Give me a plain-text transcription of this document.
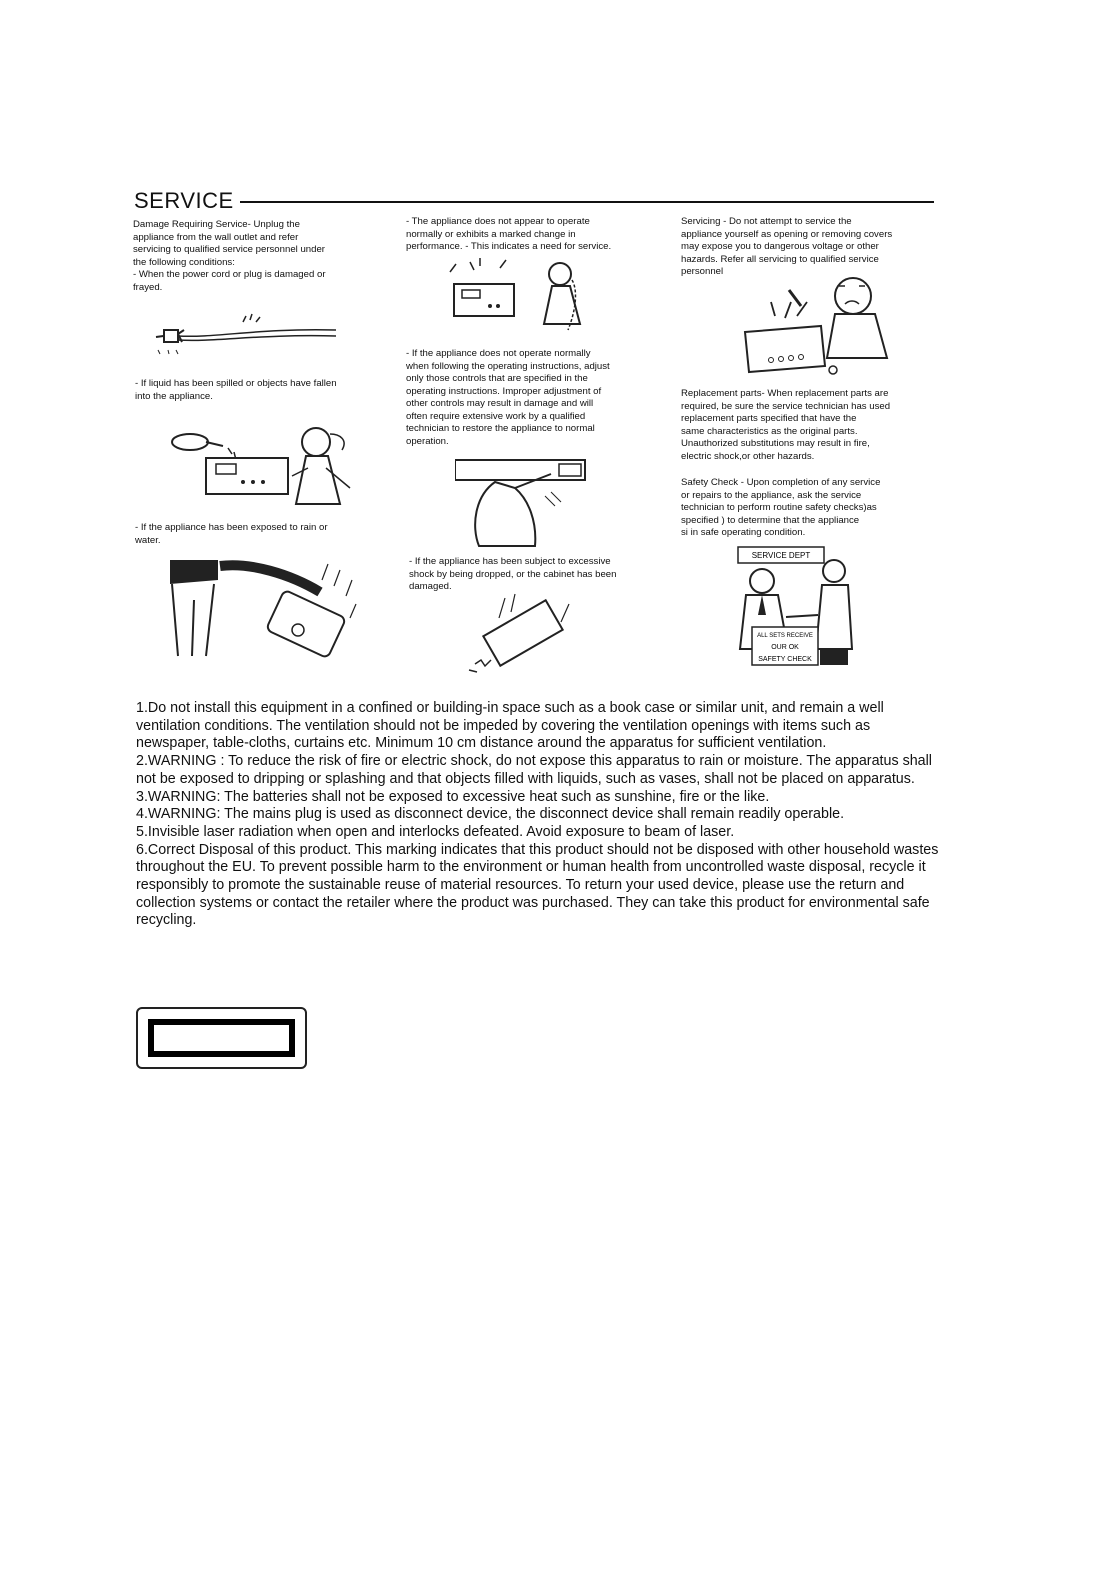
SERVICE

Damage Requiring Service- Unplug the
appliance from the wall outlet and refer
servicing to qualified service personnel under
the following conditions:
- When the power cord or plug is damaged or
frayed.

- If liquid has been spilled or objects have fallen
into the appliance.

- If the appliance has been exposed to rain or
water.

- The appliance does not appear to operate
normally or exhibits a marked change in
performance. - This indicates a need for service.

- If the appliance does not operate normally
when following the operating instructions, adjust
only those controls that are specified in the
operating instructions. Improper adjustment of
other controls may result in damage and will
often require extensive work by a qualified
technician to restore the appliance to normal
operation.

- If the appliance has been subject to excessive
shock by being dropped, or the cabinet has been
damaged.

Servicing - Do not attempt to service the
appliance yourself as opening or removing covers
may expose you to dangerous voltage or other
hazards. Refer all servicing to qualified service
personnel

Replacement parts- When replacement parts are
required, be sure the service technician has used
replacement parts specified that have the
same characteristics as the original parts.
Unauthorized substitutions may result in fire,
electric shock,or other hazards.

Safety Check - Upon completion of any service
or repairs to the appliance, ask the service
technician to perform routine safety checks)as
specified ) to determine that the appliance
si in safe operating condition.

SERVICE DEPT
ALL SETS RECEIVE
OUR OK
SAFETY CHECK

1.Do not install this equipment in a confined or building-in space such as a book case or similar unit, and remain a well ventilation conditions. The ventilation should not be impeded by covering the ventilation openings with items such as newspaper, table-cloths, curtains etc. Minimum 10 cm distance around the apparatus for sufficient ventilation.

2.WARNING : To reduce the risk of fire or electric shock, do not expose this apparatus to rain or moisture. The apparatus shall not be exposed to dripping or splashing and that objects filled with liquids, such as vases, shall not be placed on apparatus.

3.WARNING: The batteries shall not be exposed to excessive heat such as sunshine, fire or the like.

4.WARNING: The mains plug is used as disconnect device, the disconnect device shall remain readily operable.

5.Invisible laser radiation when open and interlocks defeated. Avoid exposure to beam of laser.

6.Correct Disposal of this product. This marking indicates that this product should not be disposed with other household wastes throughout the EU. To prevent possible harm to the environment or human health from uncontrolled waste disposal, recycle it responsibly to promote the sustainable reuse of material resources. To return your used device, please use the return and collection systems or contact the retailer where the product was purchased. They can take this product for environmental safe recycling.
